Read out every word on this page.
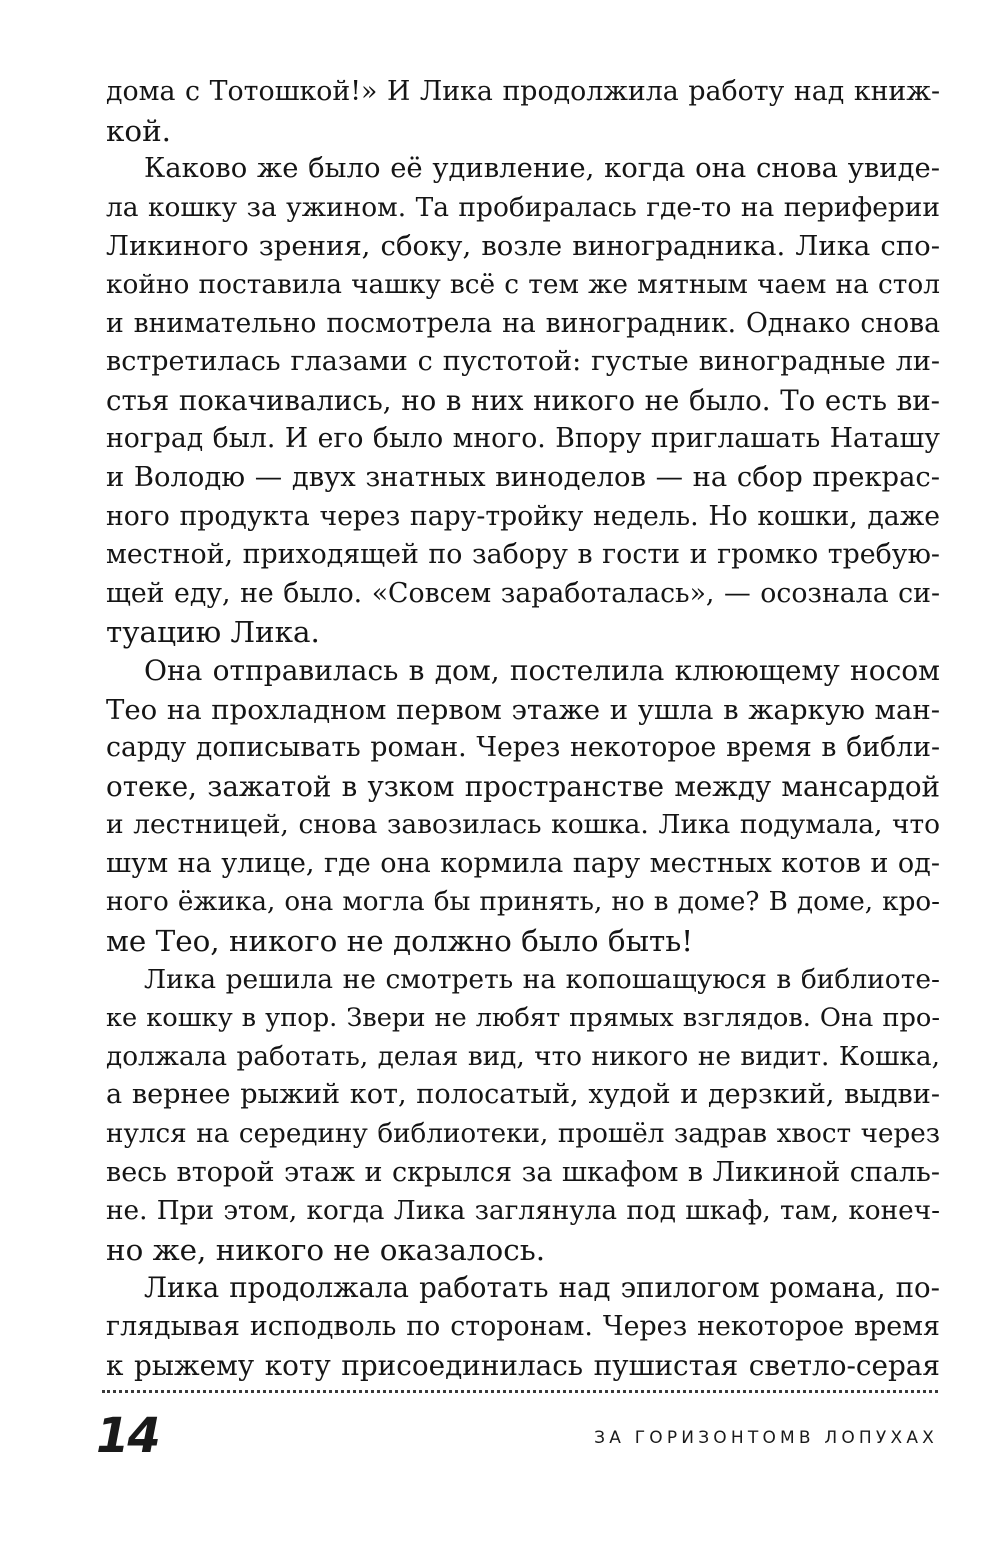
дома с Тотошкой!» И Лика продолжила работу над книж-
кой.
Каково же было её удивление, когда она снова увиде-
ла кошку за ужином. Та пробиралась где-то на периферии
Ликиного зрения, сбоку, возле виноградника. Лика спо-
койно поставила чашку всё с тем же мятным чаем на стол
и внимательно посмотрела на виноградник. Однако снова
встретилась глазами с пустотой: густые виноградные ли-
стья покачивались, но в них никого не было. То есть ви-
ноград был. И его было много. Впору приглашать Наташу
и Володю — двух знатных виноделов — на сбор прекрас-
ного продукта через пару-тройку недель. Но кошки, даже
местной, приходящей по забору в гости и громко требую-
щей еду, не было. «Совсем заработалась», — осознала си-
туацию Лика.
Она отправилась в дом, постелила клюющему носом
Тео на прохладном первом этаже и ушла в жаркую ман-
сарду дописывать роман. Через некоторое время в библи-
отеке, зажатой в узком пространстве между мансардой
и лестницей, снова завозилась кошка. Лика подумала, что
шум на улице, где она кормила пару местных котов и од-
ного ёжика, она могла бы принять, но в доме? В доме, кро-
ме Тео, никого не должно было быть!
Лика решила не смотреть на копошащуюся в библиоте-
ке кошку в упор. Звери не любят прямых взглядов. Она про-
должала работать, делая вид, что никого не видит. Кошка,
а вернее рыжий кот, полосатый, худой и дерзкий, выдви-
нулся на середину библиотеки, прошёл задрав хвост через
весь второй этаж и скрылся за шкафом в Ликиной спаль-
не. При этом, когда Лика заглянула под шкаф, там, конеч-
но же, никого не оказалось.
Лика продолжала работать над эпилогом романа, по-
глядывая исподволь по сторонам. Через некоторое время
к рыжему коту присоединилась пушистая светло-серая
14	ЗА ГОРИЗОНТОМВ ЛОПУХАХ
